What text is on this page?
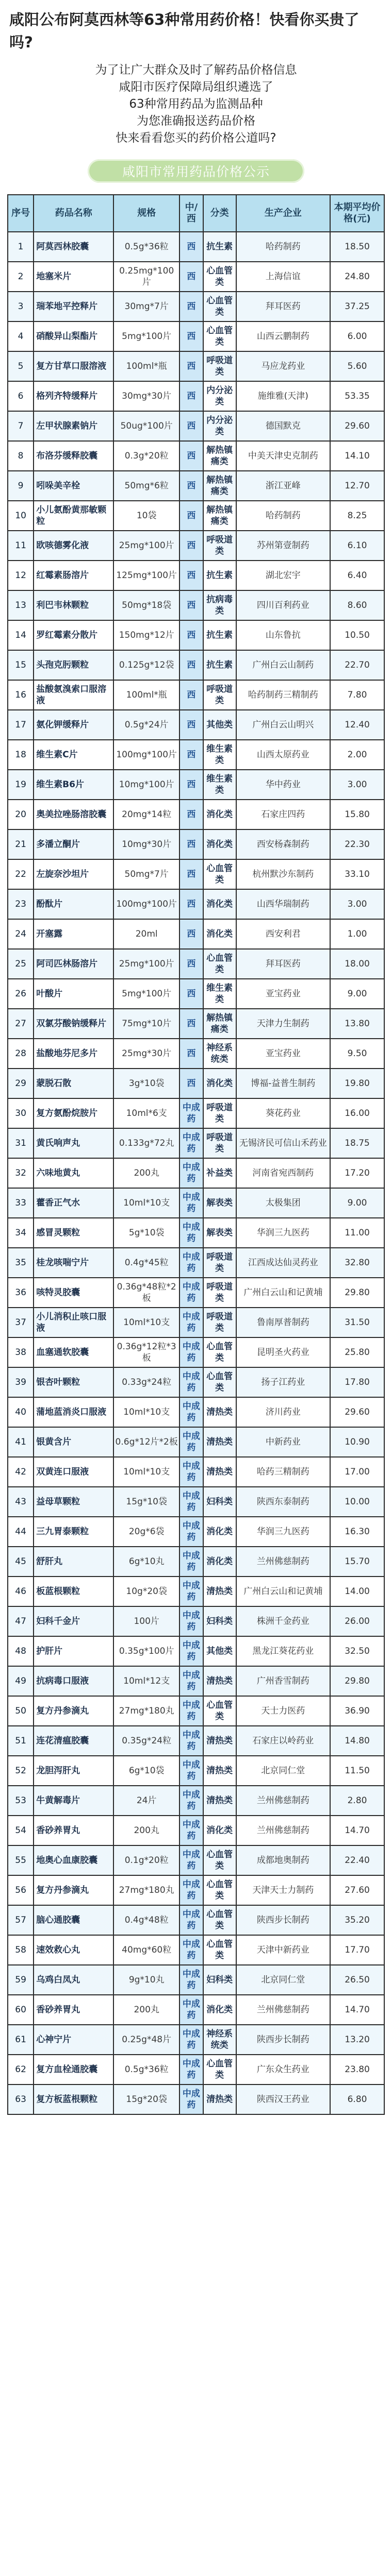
咸阳公布阿莫西林等63种常用药价格！快看你买贵了吗?

为了让广大群众及时了解药品价格信息

咸阳市医疗保障局组织遴选了

63种常用药品为监测品种

为您准确报送药品价格

快来看看您买的药价格公道吗?

咸阳市常用药品价格公示
序号	药品名称	规格	中/西	分类	生产企业	本期平均价格(元)
1	阿莫西林胶囊	0.5g*36粒	西	抗生素	哈药制药	18.50
2	地塞米片	0.25mg*100片	西	心血管类	上海信谊	24.80
3	瑞苯地平控释片	30mg*7片	西	心血管类	拜耳医药	37.25
4	硝酸异山梨酯片	5mg*100片	西	心血管类	山西云鹏制药	6.00
5	复方甘草口服溶液	100ml*瓶	西	呼吸道类	马应龙药业	5.60
6	格列齐特缓释片	30mg*30片	西	内分泌类	施维雅(天津)	53.35
7	左甲状腺素钠片	50ug*100片	西	内分泌类	德国默克	29.60
8	布洛芬缓释胶囊	0.3g*20粒	西	解热镇痛类	中美天津史克制药	14.10
9	吲哚美辛栓	50mg*6粒	西	解热镇痛类	浙江亚峰	12.70
10	小儿氨酚黄那敏颗粒	10袋	西	解热镇痛类	哈药制药	8.25
11	欧咳德雾化液	25mg*100片	西	呼吸道类	苏州第壹制药	6.10
12	红霉素肠溶片	125mg*100片	西	抗生素	湖北宏宇	6.40
13	利巴韦林颗粒	50mg*18袋	西	抗病毒类	四川百利药业	8.60
14	罗红霉素分散片	150mg*12片	西	抗生素	山东鲁抗	10.50
15	头孢克肟颗粒	0.125g*12袋	西	抗生素	广州白云山制药	22.70
16	盐酸氨溴索口服溶液	100ml*瓶	西	呼吸道类	哈药制药三精制药	7.80
17	氨化钾缓释片	0.5g*24片	西	其他类	广州白云山明兴	12.40
18	维生素C片	100mg*100片	西	维生素类	山西太原药业	2.00
19	维生素B6片	10mg*100片	西	维生素类	华中药业	3.00
20	奥美拉唑肠溶胶囊	20mg*14粒	西	消化类	石家庄四药	15.80
21	多潘立酮片	10mg*30片	西	消化类	西安杨森制药	22.30
22	左旋奈沙坦片	50mg*7片	西	心血管类	杭州默沙东制药	33.10
23	酚酞片	100mg*100片	西	消化类	山西华瑞制药	3.00
24	开塞露	20ml	西	消化类	西安利君	1.00
25	阿司匹林肠溶片	25mg*100片	西	心血管类	拜耳医药	18.00
26	叶酸片	5mg*100片	西	维生素类	亚宝药业	9.00
27	双氯芬酸钠缓释片	75mg*10片	西	解热镇痛类	天津力生制药	13.80
28	盐酸地芬尼多片	25mg*30片	西	神经系统类	亚宝药业	9.50
29	蒙脱石散	3g*10袋	西	消化类	博福-益普生制药	19.80
30	复方氨酚烷胺片	10ml*6支	中成药	呼吸道类	葵花药业	16.00
31	黄氏响声丸	0.133g*72丸	中成药	呼吸道类	无锡济民可信山禾药业	18.75
32	六味地黄丸	200丸	中成药	补益类	河南省宛西制药	17.20
33	藿香正气水	10ml*10支	中成药	解表类	太极集团	9.00
34	感冒灵颗粒	5g*10袋	中成药	解表类	华润三九医药	11.00
35	桂龙咳喘宁片	0.4g*45粒	中成药	呼吸道类	江西成达仙灵药业	32.80
36	咳特灵胶囊	0.36g*48粒*2板	中成药	呼吸道类	广州白云山和记黄埔	29.80
37	小儿消积止咳口服液	10ml*10支	中成药	呼吸道类	鲁南厚普制药	31.50
38	血塞通软胶囊	0.36g*12粒*3板	中成药	心血管类	昆明圣火药业	25.80
39	银杏叶颗粒	0.33g*24粒	中成药	心血管类	扬子江药业	17.80
40	蒲地蓝消炎口服液	10ml*10支	中成药	清热类	济川药业	29.60
41	银黄含片	0.6g*12片*2板	中成药	清热类	中新药业	10.90
42	双黄连口服液	10ml*10支	中成药	清热类	哈药三精制药	17.00
43	益母草颗粒	15g*10袋	中成药	妇科类	陕西东泰制药	10.00
44	三九胃泰颗粒	20g*6袋	中成药	消化类	华润三九医药	16.30
45	舒肝丸	6g*10丸	中成药	消化类	兰州佛慈制药	15.70
46	板蓝根颗粒	10g*20袋	中成药	清热类	广州白云山和记黄埔	14.00
47	妇科千金片	100片	中成药	妇科类	株洲千金药业	26.00
48	护肝片	0.35g*100片	中成药	其他类	黑龙江葵花药业	32.50
49	抗病毒口服液	10ml*12支	中成药	清热类	广州香雪制药	29.80
50	复方丹参滴丸	27mg*180丸	中成药	心血管类	天士力医药	36.90
51	连花清瘟胶囊	0.35g*24粒	中成药	清热类	石家庄以岭药业	14.80
52	龙胆泻肝丸	6g*10袋	中成药	清热类	北京同仁堂	11.50
53	牛黄解毒片	24片	中成药	清热类	兰州佛慈制药	2.80
54	香砂养胃丸	200丸	中成药	消化类	兰州佛慈制药	14.70
55	地奥心血康胶囊	0.1g*20粒	中成药	心血管类	成都地奥制药	22.40
56	复方丹参滴丸	27mg*180丸	中成药	心血管类	天津天士力制药	27.60
57	脑心通胶囊	0.4g*48粒	中成药	心血管类	陕西步长制药	35.20
58	速效救心丸	40mg*60粒	中成药	心血管类	天津中新药业	17.70
59	乌鸡白凤丸	9g*10丸	中成药	妇科类	北京同仁堂	26.50
60	香砂养胃丸	200丸	中成药	消化类	兰州佛慈制药	14.70
61	心神宁片	0.25g*48片	中成药	神经系统类	陕西步长制药	13.20
62	复方血栓通胶囊	0.5g*36粒	中成药	心血管类	广东众生药业	23.80
63	复方板蓝根颗粒	15g*20袋	中成药	清热类	陕西汉王药业	6.80
